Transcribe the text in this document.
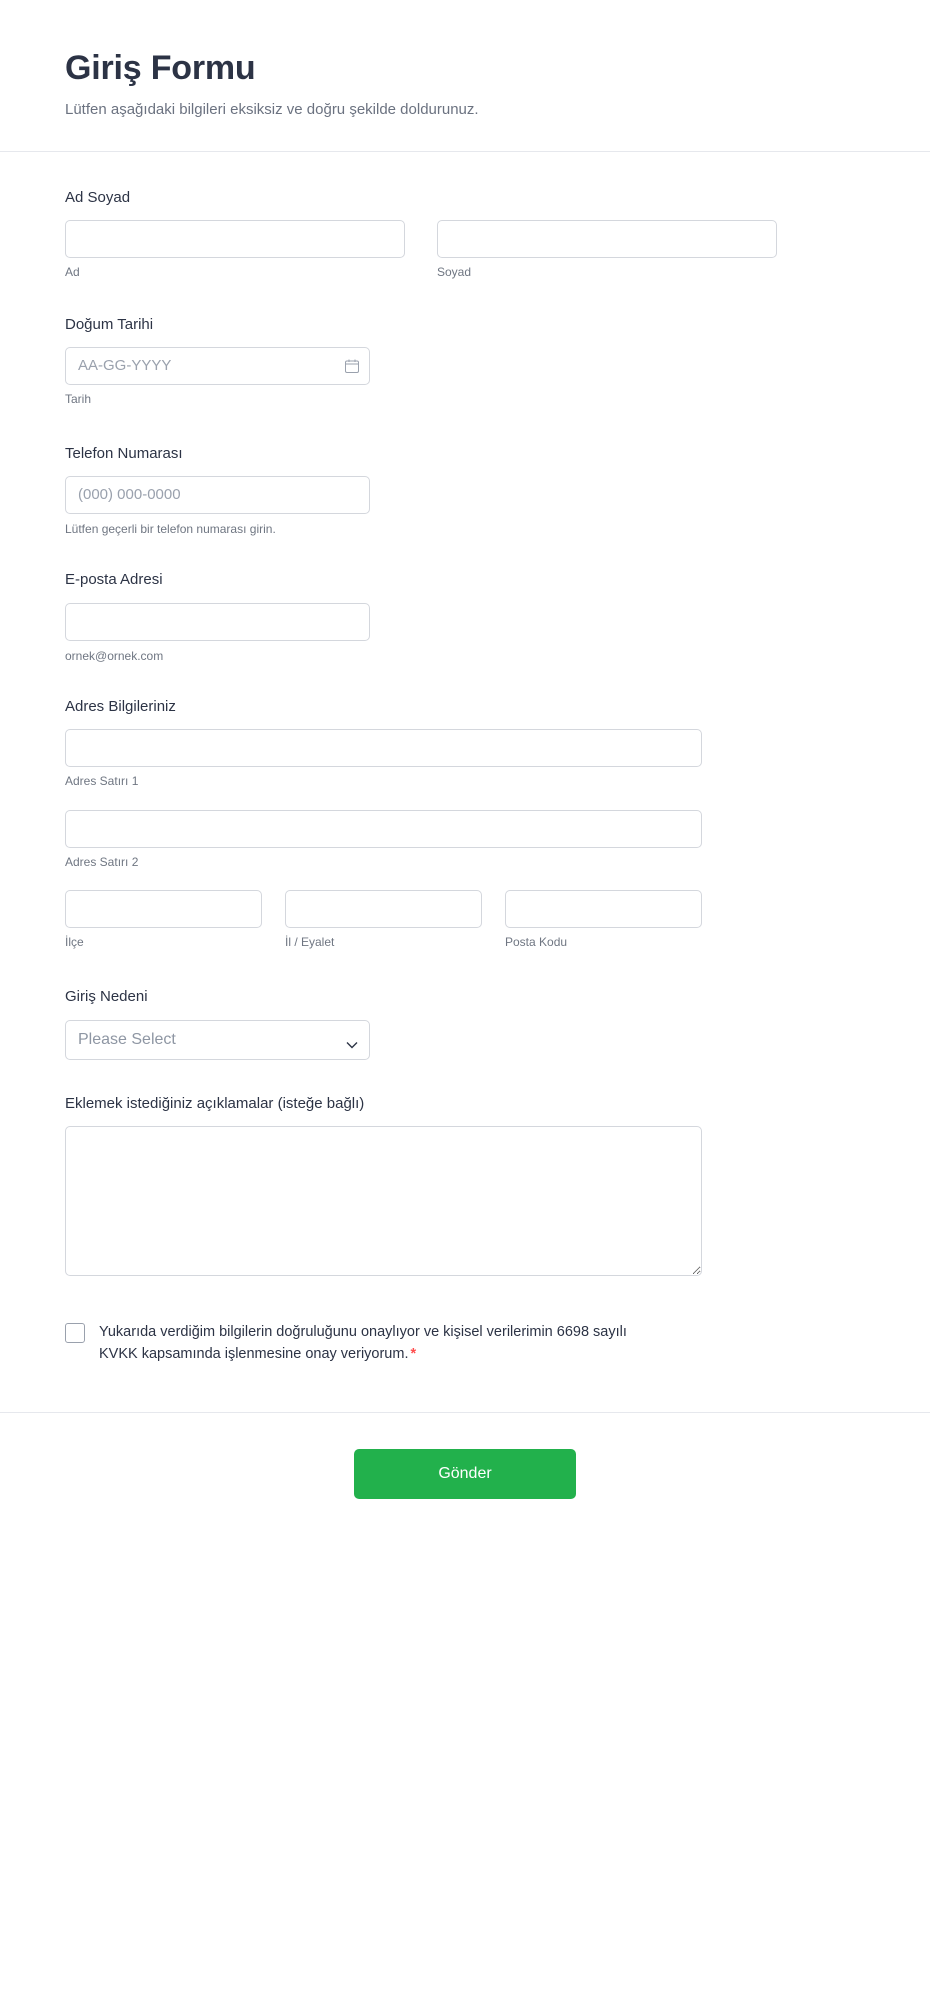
Giriş Formu

Lütfen aşağıdaki bilgileri eksiksiz ve doğru şekilde doldurunuz.

Ad Soyad
Ad	Soyad
Doğum Tarihi
AA-GG-YYYY
Tarih
Telefon Numarası
(000) 000-0000
Lütfen geçerli bir telefon numarası girin.
E-posta Adresi
ornek@ornek.com
Adres Bilgileriniz
Adres Satırı 1
Adres Satırı 2
İlçe	İl / Eyalet	Posta Kodu
Giriş Nedeni
Please Select
Eklemek istediğiniz açıklamalar (isteğe bağlı)
Yukarıda verdiğim bilgilerin doğruluğunu onaylıyor ve kişisel verilerimin 6698 sayılı KVKK kapsamında işlenmesine onay veriyorum. *
Gönder
